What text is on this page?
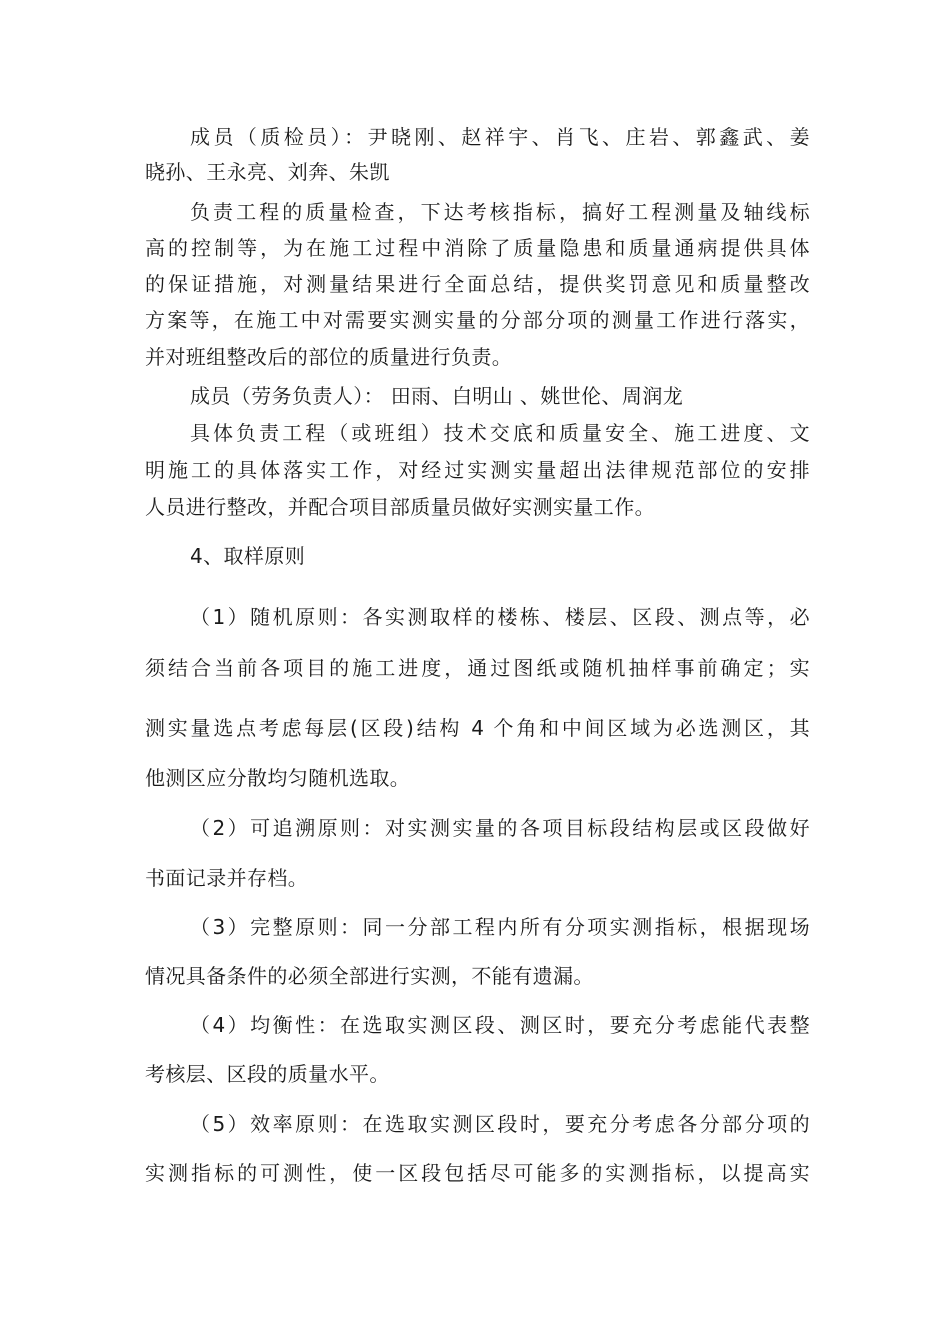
成员（质检员）：尹晓刚、赵祥宇、肖飞、庄岩、郭鑫武、姜
晓孙、王永亮、刘奔、朱凯
负责工程的质量检查，下达考核指标，搞好工程测量及轴线标
高的控制等，为在施工过程中消除了质量隐患和质量通病提供具体
的保证措施，对测量结果进行全面总结，提供奖罚意见和质量整改
方案等，在施工中对需要实测实量的分部分项的测量工作进行落实，
并对班组整改后的部位的质量进行负责。
成员（劳务负责人）： 田雨、白明山 、姚世伦、周润龙
具体负责工程（或班组）技术交底和质量安全、施工进度、文
明施工的具体落实工作，对经过实测实量超出法律规范部位的安排
人员进行整改，并配合项目部质量员做好实测实量工作。
4、取样原则
（1）随机原则：各实测取样的楼栋、楼层、区段、测点等，必
须结合当前各项目的施工进度，通过图纸或随机抽样事前确定；实
测实量选点考虑每层(区段)结构 4 个角和中间区域为必选测区，其
他测区应分散均匀随机选取。
（2）可追溯原则：对实测实量的各项目标段结构层或区段做好
书面记录并存档。
（3）完整原则：同一分部工程内所有分项实测指标，根据现场
情况具备条件的必须全部进行实测，不能有遗漏。
（4）均衡性：在选取实测区段、测区时，要充分考虑能代表整
考核层、区段的质量水平。
（5）效率原则：在选取实测区段时，要充分考虑各分部分项的
实测指标的可测性，使一区段包括尽可能多的实测指标，以提高实
